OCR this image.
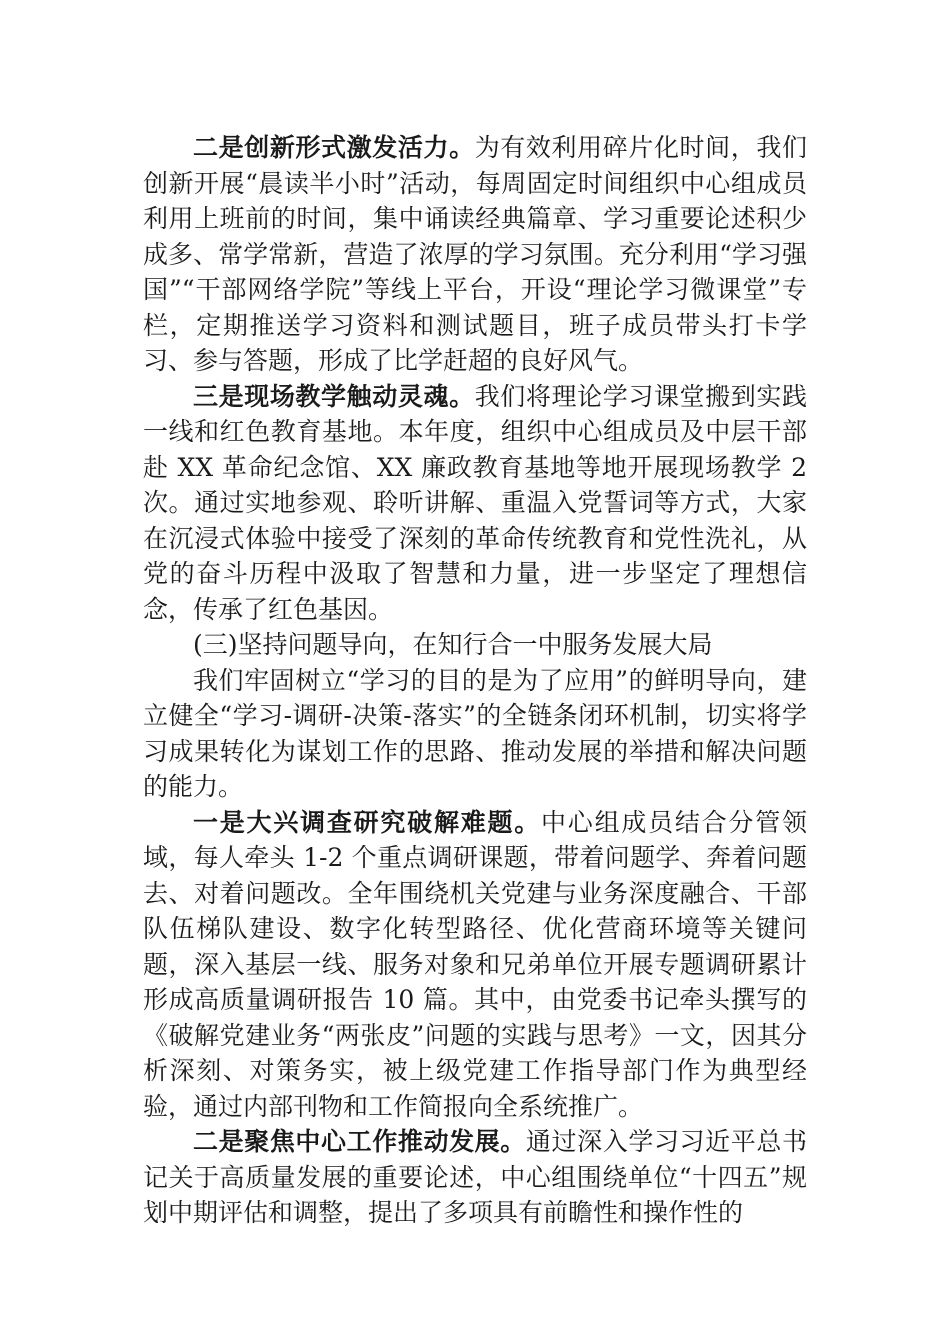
二是创新形式激发活力。为有效利用碎片化时间，我们创新开展“晨读半小时”活动，每周固定时间组织中心组成员利用上班前的时间，集中诵读经典篇章、学习重要论述积少成多、常学常新，营造了浓厚的学习氛围。充分利用“学习强国”“干部网络学院”等线上平台，开设“理论学习微课堂”专栏，定期推送学习资料和测试题目，班子成员带头打卡学习、参与答题，形成了比学赶超的良好风气。

三是现场教学触动灵魂。我们将理论学习课堂搬到实践一线和红色教育基地。本年度，组织中心组成员及中层干部赴 XX 革命纪念馆、XX 廉政教育基地等地开展现场教学 2 次。通过实地参观、聆听讲解、重温入党誓词等方式，大家在沉浸式体验中接受了深刻的革命传统教育和党性洗礼，从党的奋斗历程中汲取了智慧和力量，进一步坚定了理想信念，传承了红色基因。

(三)坚持问题导向，在知行合一中服务发展大局

我们牢固树立“学习的目的是为了应用”的鲜明导向，建立健全“学习-调研-决策-落实”的全链条闭环机制，切实将学习成果转化为谋划工作的思路、推动发展的举措和解决问题的能力。

一是大兴调查研究破解难题。中心组成员结合分管领域，每人牵头 1-2 个重点调研课题，带着问题学、奔着问题去、对着问题改。全年围绕机关党建与业务深度融合、干部队伍梯队建设、数字化转型路径、优化营商环境等关键问题，深入基层一线、服务对象和兄弟单位开展专题调研累计形成高质量调研报告 10 篇。其中，由党委书记牵头撰写的《破解党建业务“两张皮”问题的实践与思考》一文，因其分析深刻、对策务实，被上级党建工作指导部门作为典型经验，通过内部刊物和工作简报向全系统推广。

二是聚焦中心工作推动发展。通过深入学习习近平总书记关于高质量发展的重要论述，中心组围绕单位“十四五”规划中期评估和调整，提出了多项具有前瞻性和操作性的
